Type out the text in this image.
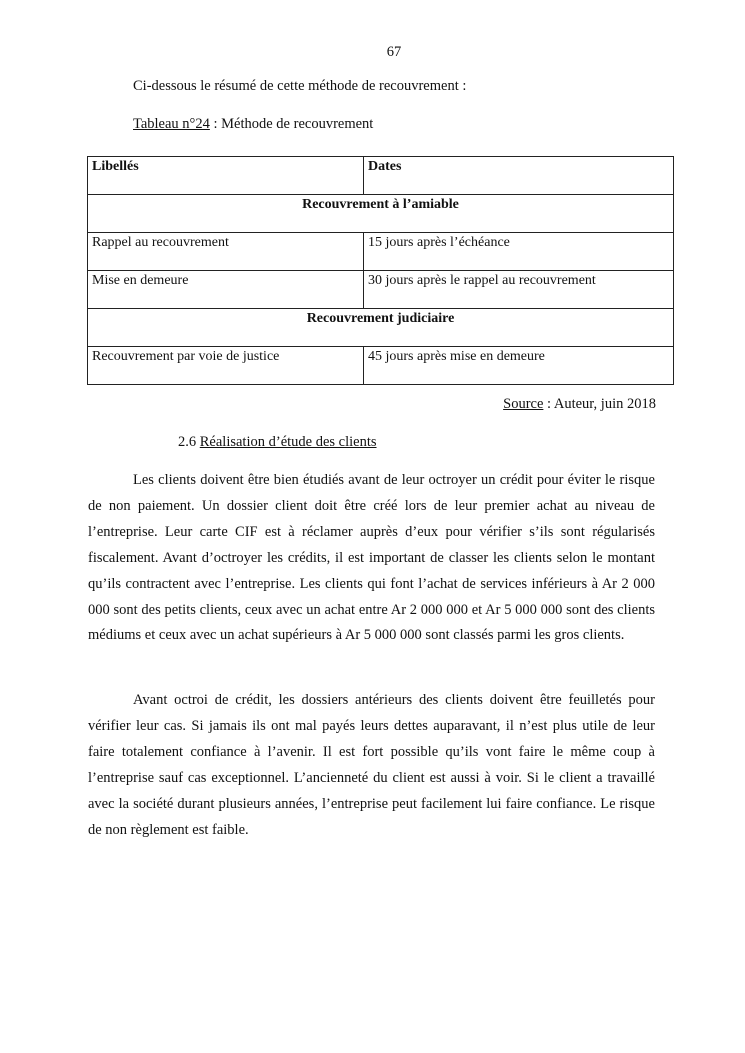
67
Ci-dessous le résumé de cette méthode de recouvrement :
Tableau n°24 : Méthode de recouvrement
Libellés	Dates
Recouvrement à l’amiable	
Rappel au recouvrement	15 jours après l’échéance
Mise en demeure	30 jours après le rappel au recouvrement
Recouvrement judiciaire	
Recouvrement par voie de justice	45 jours après mise en demeure
Source : Auteur, juin 2018
2.6 Réalisation d’étude des clients

Les clients doivent être bien étudiés avant de leur octroyer un crédit pour éviter le risque de non paiement. Un dossier client doit être créé lors de leur premier achat au niveau de l’entreprise. Leur carte CIF est à réclamer auprès d’eux pour vérifier s’ils sont régularisés fiscalement. Avant d’octroyer les crédits, il est important de classer les clients selon le montant qu’ils contractent avec l’entreprise. Les clients qui font l’achat de services inférieurs à Ar 2 000 000 sont des petits clients, ceux avec un achat entre Ar 2 000 000 et Ar 5 000 000 sont des clients médiums et ceux avec un achat supérieurs à Ar 5 000 000 sont classés parmi les gros clients.

Avant octroi de crédit, les dossiers antérieurs des clients doivent être feuilletés pour vérifier leur cas. Si jamais ils ont mal payés leurs dettes auparavant, il n’est plus utile de leur faire totalement confiance à l’avenir. Il est fort possible qu’ils vont faire le même coup à l’entreprise sauf cas exceptionnel. L’ancienneté du client est aussi à voir. Si le client a travaillé avec la société durant plusieurs années, l’entreprise peut facilement lui faire confiance. Le risque de non règlement est faible.
